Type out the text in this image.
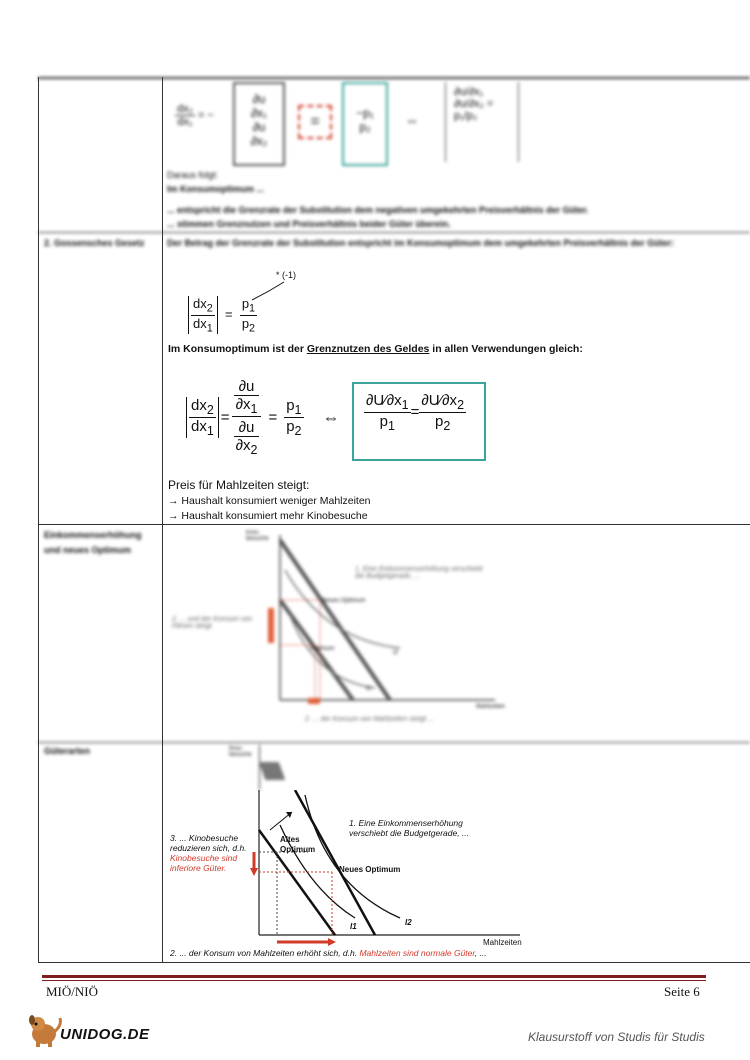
$\frac{\text{dx₂}}{\text{dx₁}}$ = −
∂u
∂x₁
∂u
∂x₂
=	−p₁
p₂	⇔
∂u/∂x₁
∂u/∂x₂ = p₁/p₂
Daraus folgt:
Im Konsumoptimum ...
... entspricht die Grenzrate der Substitution dem negativen umgekehrten Preisverhältnis der Güter.
... stimmen Grenznutzen und Preisverhältnis beider Güter überein.
2. Gossensches Gesetz	Der Betrag der Grenzrate der Substitution entspricht im Konsumoptimum dem umgekehrten Preisverhältnis der Güter:
$\frac{dx_2}{dx_1} = \frac{p_1}{p_2}$
* (-1)
Im Konsumoptimum ist der Grenznutzen des Geldes in allen Verwendungen gleich:
$\frac{dx_2}{dx_1}$	=	$\frac{\frac{\partial u}{\partial x_1}}{\frac{\partial u}{\partial x_2}}$	=	$\frac{p_1}{p_2}$	⇔ $\frac{\partial U⁄\partial x_1}{p_1} = \frac{\partial U⁄\partial x_2}{p_2}$
Preis für Mahlzeiten steigt:
→ Haushalt konsumiert weniger Mahlzeiten
→ Haushalt konsumiert mehr Kinobesuche
Einkommenserhöhung und neues Optimum
Kino-besuche
1. Eine Einkommenserhöhung verschiebt die Budgetgerade, ...
2. ... und der Konsum von Filmen steigt
Neues Optimum
Optimum
I2
I1
Mahlzeiten
2. ... der Konsum von Mahlzeiten steigt ...
Güterarten	Kino-besuche
1. Eine Einkommenserhöhung verschiebt die Budgetgerade, ...
3. ... Kinobesuche reduzieren sich, d.h. Kinobesuche sind inferiore Güter.
Altes Optimum
Neues Optimum
I1	I2
Mahlzeiten
2. ... der Konsum von Mahlzeiten erhöht sich, d.h. Mahlzeiten sind normale Güter, ...
MIÖ/NIÖ	Seite 6
UNIDOG.DE	Klausurstoff von Studis für Studis
